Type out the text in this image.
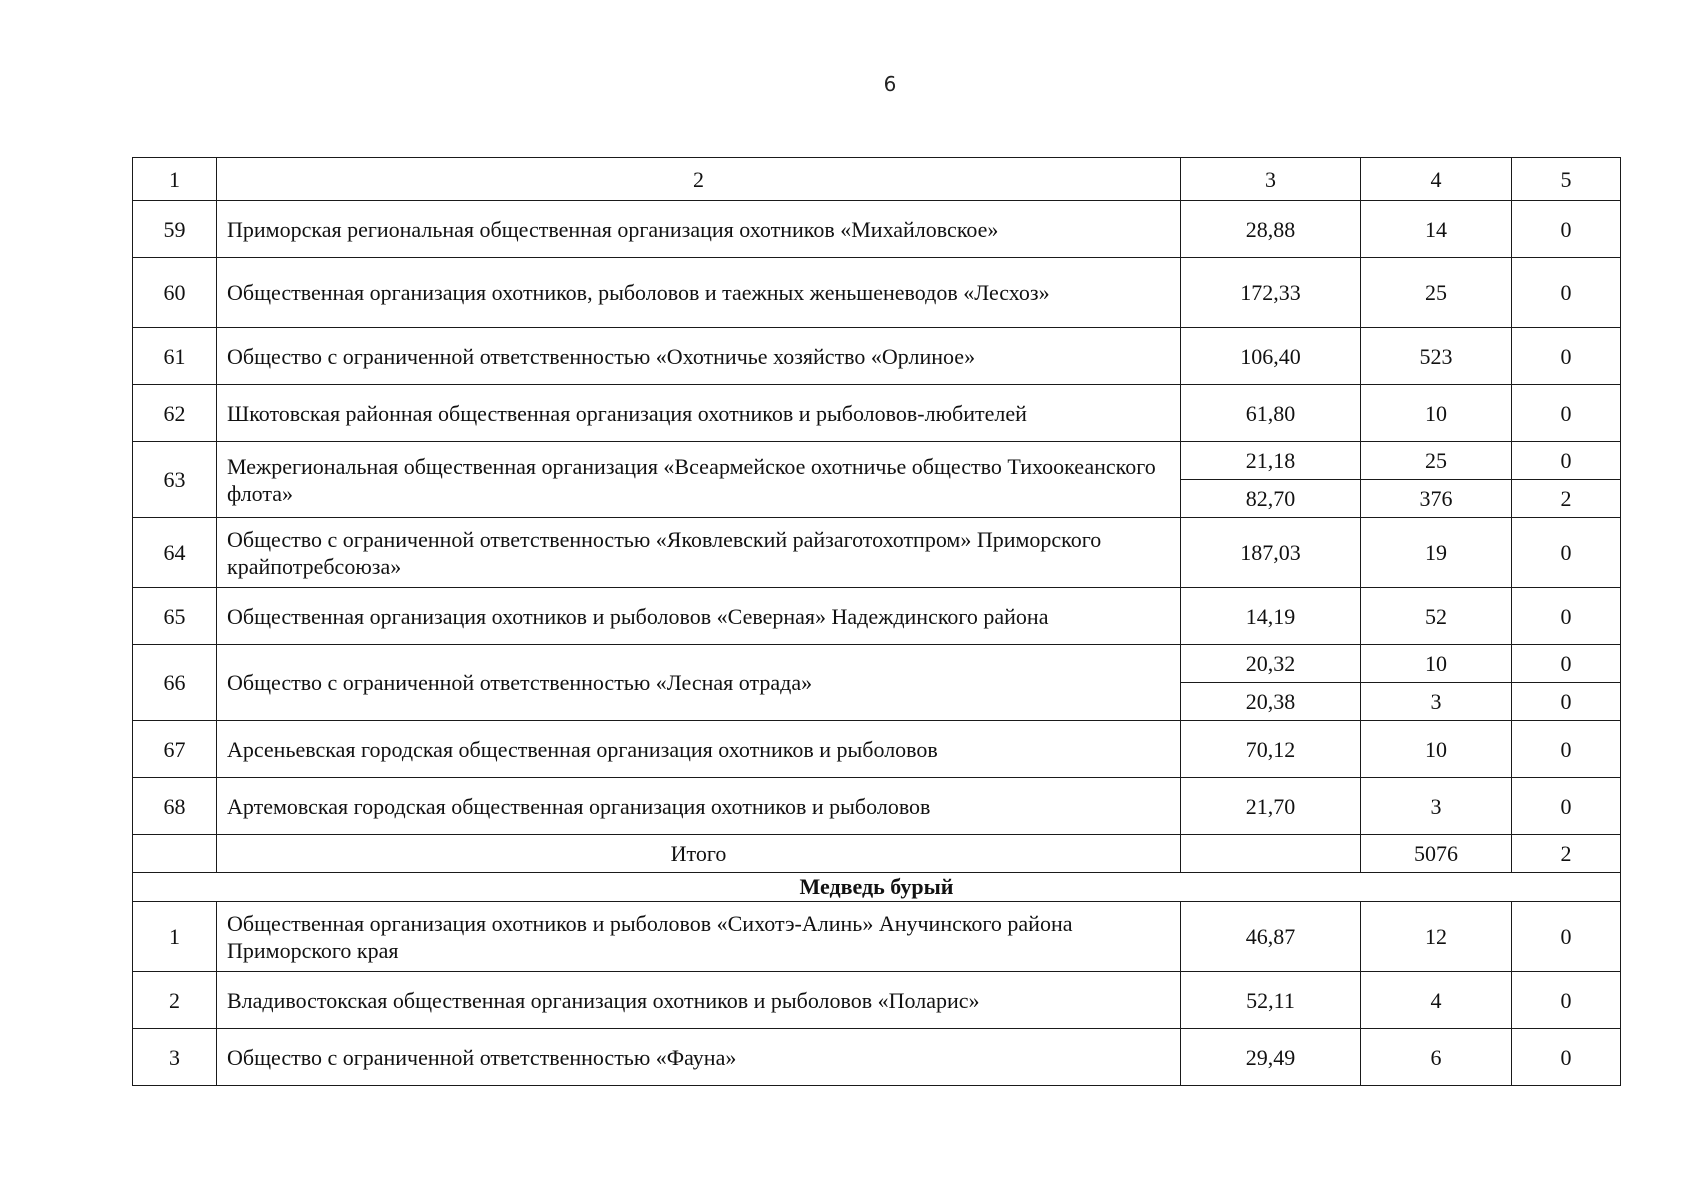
6
1	2	3	4	5
59	Приморская региональная общественная организация охотников «Михайловское»	28,88	14	0
60	Общественная организация охотников, рыболовов и таежных женьшеневодов «Лесхоз»	172,33	25	0
61	Общество с ограниченной ответственностью «Охотничье хозяйство «Орлиное»	106,40	523	0
62	Шкотовская районная общественная организация охотников и рыболовов-любителей	61,80	10	0
63	Межрегиональная общественная организация «Всеармейское охотничье общество Тихоокеанского флота»	21,18	25	0
		82,70	376	2
64	Общество с ограниченной ответственностью «Яковлевский райзаготохотпром» Приморского крайпотребсоюза»	187,03	19	0
65	Общественная организация охотников и рыболовов «Северная» Надеждинского района	14,19	52	0
66	Общество с ограниченной ответственностью «Лесная отрада»	20,32	10	0
		20,38	3	0
67	Арсеньевская городская общественная организация охотников и рыболовов	70,12	10	0
68	Артемовская городская общественная организация охотников и рыболовов	21,70	3	0
	Итого		5076	2
Медведь бурый				
1	Общественная организация охотников и рыболовов «Сихотэ-Алинь» Анучинского района Приморского края	46,87	12	0
2	Владивостокская общественная организация охотников и рыболовов «Поларис»	52,11	4	0
3	Общество с ограниченной ответственностью «Фауна»	29,49	6	0
